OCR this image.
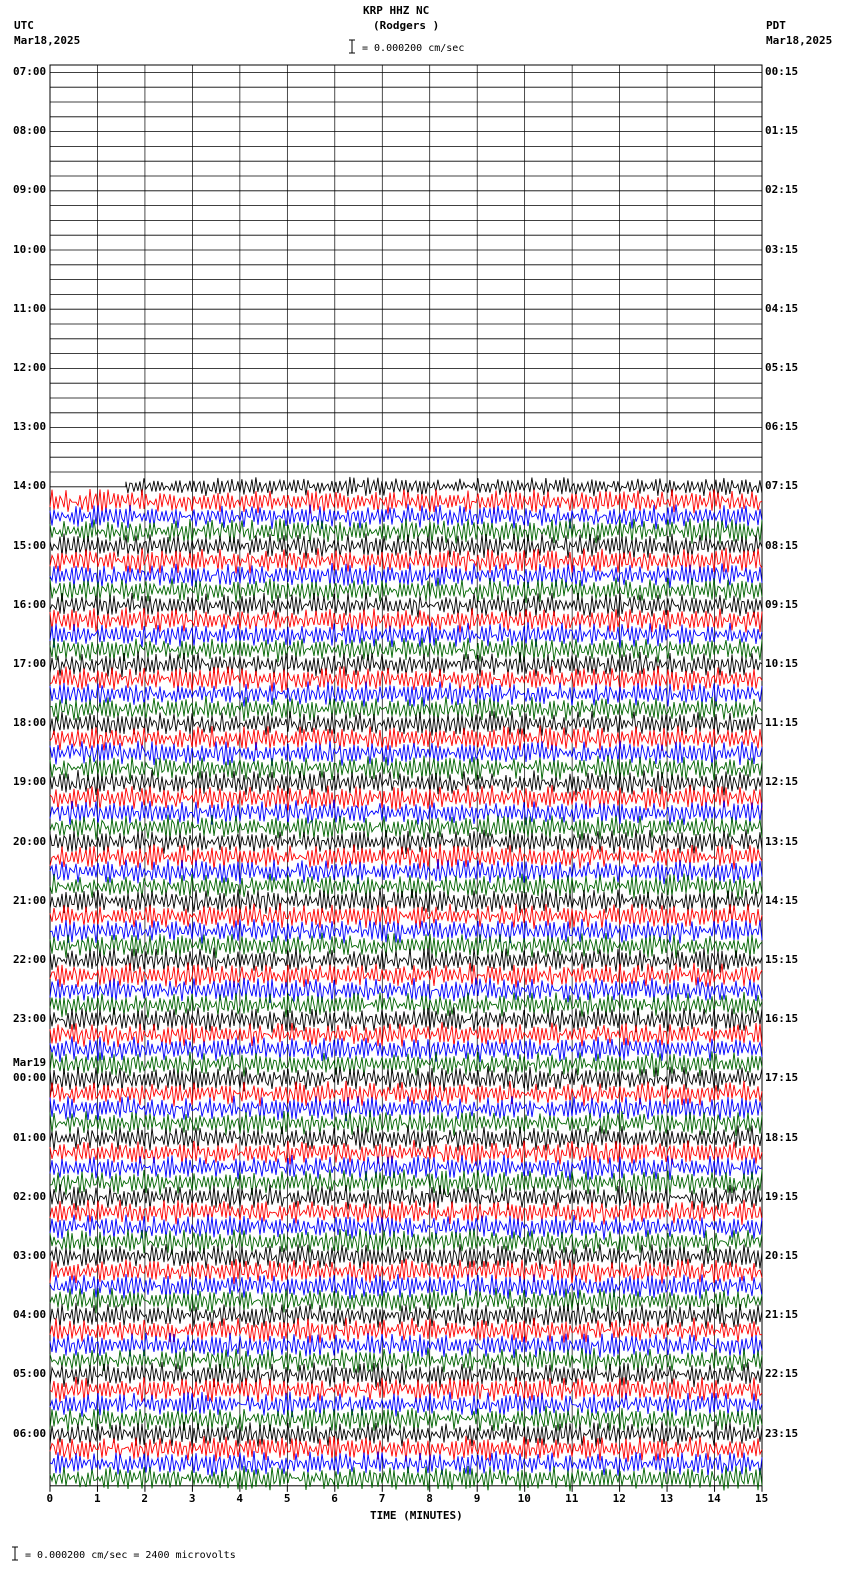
KRP HHZ NC
(Rodgers )
= 0.000200 cm/sec
UTC
Mar18,2025
PDT
Mar18,2025
07:00
08:00
09:00
10:00
11:00
12:00
13:00
14:00
15:00
16:00
17:00
18:00
19:00
20:00
21:00
22:00
23:00
00:00
Mar19
01:00
02:00
03:00
04:00
05:00
06:00
00:15
01:15
02:15
03:15
04:15
05:15
06:15
07:15
08:15
09:15
10:15
11:15
12:15
13:15
14:15
15:15
16:15
17:15
18:15
19:15
20:15
21:15
22:15
23:15
0	1	2	3	4	5	6	7	8	9	10	11	12	13	14	15
TIME (MINUTES)
= 0.000200 cm/sec = 2400 microvolts
